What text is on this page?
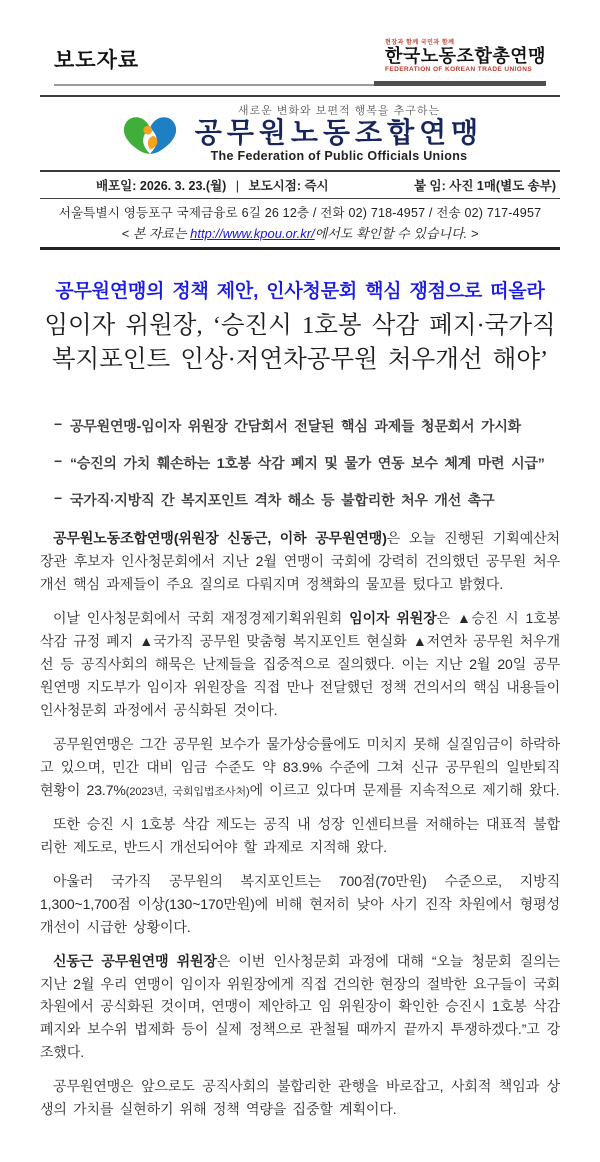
보도자료
현장과 함께 국민과 함께
한국노동조합총연맹
FEDERATION OF KOREAN TRADE UNIONS
새로운 변화와 보편적 행복을 추구하는
공무원노동조합연맹
The Federation of Public Officials Unions
배포일: 2026. 3. 23.(월) | 보도시점: 즉시	붙 임: 사진 1매(별도 송부)
서울특별시 영등포구 국제금융로 6길 26 12층 / 전화 02) 718-4957 / 전송 02) 717-4957
< 본 자료는 http://www.kpou.or.kr/에서도 확인할 수 있습니다. >
공무원연맹의 정책 제안, 인사청문회 핵심 쟁점으로 떠올라
임이자 위원장, ‘승진시 1호봉 삭감 폐지·국가직
복지포인트 인상·저연차공무원 처우개선 해야’
− 공무원연맹-임이자 위원장 간담회서 전달된 핵심 과제들 청문회서 가시화
− “승진의 가치 훼손하는 1호봉 삭감 폐지 및 물가 연동 보수 체계 마련 시급”
− 국가직·지방직 간 복지포인트 격차 해소 등 불합리한 처우 개선 촉구

공무원노동조합연맹(위원장 신동근, 이하 공무원연맹)은 오늘 진행된 기획예산처 장관 후보자 인사청문회에서 지난 2월 연맹이 국회에 강력히 건의했던 공무원 처우 개선 핵심 과제들이 주요 질의로 다뤄지며 정책화의 물꼬를 텄다고 밝혔다.

이날 인사청문회에서 국회 재정경제기획위원회 임이자 위원장은 ▲승진 시 1호봉 삭감 규정 폐지 ▲국가직 공무원 맞춤형 복지포인트 현실화 ▲저연차 공무원 처우개선 등 공직사회의 해묵은 난제들을 집중적으로 질의했다. 이는 지난 2월 20일 공무원연맹 지도부가 임이자 위원장을 직접 만나 전달했던 정책 건의서의 핵심 내용들이 인사청문회 과정에서 공식화된 것이다.

공무원연맹은 그간 공무원 보수가 물가상승률에도 미치지 못해 실질임금이 하락하고 있으며, 민간 대비 임금 수준도 약 83.9% 수준에 그쳐 신규 공무원의 일반퇴직 현황이 23.7%(2023년, 국회입법조사처)에 이르고 있다며 문제를 지속적으로 제기해 왔다.

또한 승진 시 1호봉 삭감 제도는 공직 내 성장 인센티브를 저해하는 대표적 불합리한 제도로, 반드시 개선되어야 할 과제로 지적해 왔다.

아울러 국가직 공무원의 복지포인트는 700점(70만원) 수준으로, 지방직 1,300~1,700점 이상(130~170만원)에 비해 현저히 낮아 사기 진작 차원에서 형평성 개선이 시급한 상황이다.

신동근 공무원연맹 위원장은 이번 인사청문회 과정에 대해 “오늘 청문회 질의는 지난 2월 우리 연맹이 임이자 위원장에게 직접 건의한 현장의 절박한 요구들이 국회 차원에서 공식화된 것이며, 연맹이 제안하고 임 위원장이 확인한 승진시 1호봉 삭감 폐지와 보수위 법제화 등이 실제 정책으로 관철될 때까지 끝까지 투쟁하겠다.”고 강조했다.

공무원연맹은 앞으로도 공직사회의 불합리한 관행을 바로잡고, 사회적 책임과 상생의 가치를 실현하기 위해 정책 역량을 집중할 계획이다.
